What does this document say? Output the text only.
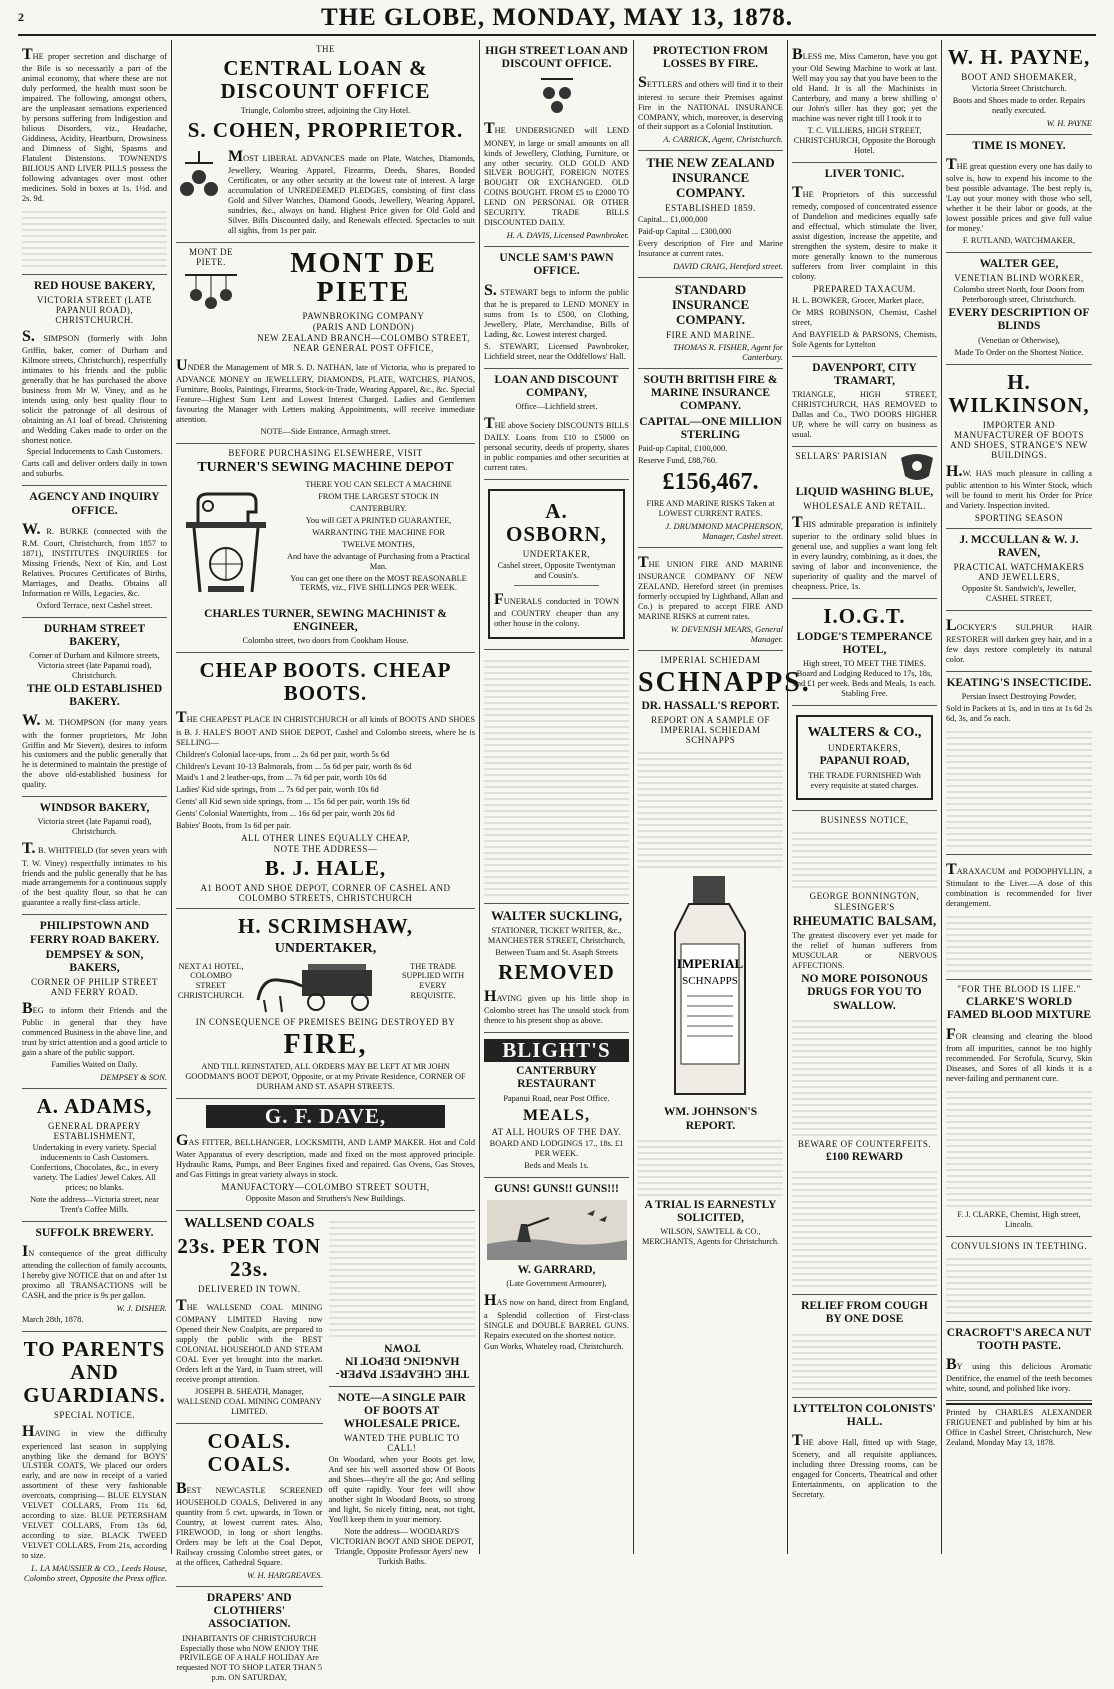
2	THE GLOBE, MONDAY, MAY 13, 1878.
THE proper secretion and discharge of the Bile is so necessarily a part of the animal economy, that where these are not duly performed, the health must soon be impaired. The following, amongst others, are the unpleasant sensations experienced by persons suffering from Indigestion and bilious Disorders, viz., Headache, Giddiness, Acidity, Heartburn, Drowsiness and Dimness of Sight, Spasms and Flatulent Distensions. TOWNEND'S BILIOUS AND LIVER PILLS possess the following advantages over most other medicines. Sold in boxes at 1s. 1½d. and 2s. 9d.
RED HOUSE BAKERY,
VICTORIA STREET (LATE PAPANUI ROAD), CHRISTCHURCH.
S. SIMPSON (formerly with John Griffin, baker, corner of Durham and Kilmore streets, Christchurch), respectfully intimates to his friends and the public generally that he has purchased the above business from Mr W. Viney, and as he intends using only best quality flour to solicit the patronage of all desirous of obtaining an A1 loaf of bread. Christening and Wedding Cakes made to order on the shortest notice.
Special Inducements to Cash Customers.
Carts call and deliver orders daily in town and suburbs.
AGENCY AND INQUIRY OFFICE.
W. R. BURKE (connected with the R.M. Court, Christchurch, from 1857 to 1871), INSTITUTES INQUIRIES for Missing Friends, Next of Kin, and Lost Relatives. Procures Certificates of Births, Marriages, and Deaths. Obtains all Information re Wills, Legacies, &c.
Oxford Terrace, next Cashel street.
DURHAM STREET BAKERY,
Corner of Durham and Kilmore streets, Victoria street (late Papanui road), Christchurch.
THE OLD ESTABLISHED BAKERY.
W. M. THOMPSON (for many years with the former proprietors, Mr John Griffin and Mr Sievert), desires to inform his customers and the public generally that he is determined to maintain the prestige of the above old-established business for quality.
WINDSOR BAKERY,
Victoria street (late Papanui road), Christchurch.
T. B. WHITFIELD (for seven years with T. W. Viney) respectfully intimates to his friends and the public generally that he has made arrangements for a continuous supply of the best quality flour, so that he can guarantee a really first-class article.
PHILIPSTOWN AND FERRY ROAD BAKERY.
DEMPSEY & SON, BAKERS,
CORNER OF PHILIP STREET AND FERRY ROAD.
BEG to inform their Friends and the Public in general that they have commenced Business in the above line, and trust by strict attention and a good article to gain a share of the public support.
Families Waited on Daily.
DEMPSEY & SON.
A. ADAMS,
GENERAL DRAPERY ESTABLISHMENT,
Undertaking in every variety. Special inducements to Cash Customers. Confections, Chocolates, &c., in every variety. The Ladies' Jewel Cakes. All prices; no blanks.
Note the address—Victoria street, near Trent's Coffee Mills.
SUFFOLK BREWERY.
IN consequence of the great difficulty attending the collection of family accounts, I hereby give NOTICE that on and after 1st proximo all TRANSACTIONS will be CASH, and the price is 9s per gallon.
W. J. DISHER.
March 28th, 1878.
TO PARENTS AND GUARDIANS.
SPECIAL NOTICE.
HAVING in view the difficulty experienced last season in supplying anything like the demand for BOYS' ULSTER COATS, We placed our orders early, and are now in receipt of a varied assortment of these very fashionable overcoats, comprising— BLUE ELYSIAN VELVET COLLARS, From 11s 6d, according to size. BLUE PETERSHAM VELVET COLLARS, From 13s 6d, according to size. BLACK TWEED VELVET COLLARS, From 21s, according to size.
L. LA MAUSSIER & CO., Leeds House, Colombo street, Opposite the Press office.
THE
CENTRAL LOAN & DISCOUNT OFFICE
Triangle, Colombo street, adjoining the City Hotel.
S. COHEN, PROPRIETOR.
MOST LIBERAL ADVANCES made on Plate, Watches, Diamonds, Jewellery, Wearing Apparel, Firearms, Deeds, Shares, Bonded Certificates, or any other security at the lowest rate of interest. A large accumulation of UNREDEEMED PLEDGES, consisting of first class Gold and Silver Watches, Diamond Goods, Jewellery, Wearing Apparel, sundries, &c., always on hand. Highest Price given for Old Gold and Silver. Bills Discounted daily, and Renewals effected. Spectacles to suit all sights, from 1s per pair.
MONT DE PIETE.	MONT DE PIETE
PAWNBROKING COMPANY
(PARIS AND LONDON)
NEW ZEALAND BRANCH—COLOMBO STREET, NEAR GENERAL POST OFFICE,
UNDER the Management of MR S. D. NATHAN, late of Victoria, who is prepared to ADVANCE MONEY on JEWELLERY, DIAMONDS, PLATE, WATCHES, PIANOS, Furniture, Books, Paintings, Firearms, Stock-in-Trade, Wearing Apparel, &c., &c. Special Feature—Highest Sum Lent and Lowest Interest Charged. Ladies and Gentlemen favouring the Manager with Letters making Appointments, will receive immediate attention.
NOTE—Side Entrance, Armagh street.
BEFORE PURCHASING ELSEWHERE, VISIT
TURNER'S SEWING MACHINE DEPOT
THERE YOU CAN SELECT A MACHINE
FROM THE LARGEST STOCK IN
CANTERBURY.
You will GET A PRINTED GUARANTEE,
WARRANTING THE MACHINE FOR
TWELVE MONTHS,
And have the advantage of Purchasing from a Practical Man.
You can get one there on the MOST REASONABLE TERMS, viz., FIVE SHILLINGS PER WEEK.
CHARLES TURNER, SEWING MACHINIST & ENGINEER,
Colombo street, two doors from Cookham House.
CHEAP BOOTS. CHEAP BOOTS.
THE CHEAPEST PLACE IN CHRISTCHURCH or all kinds of BOOTS AND SHOES is B. J. HALE'S BOOT AND SHOE DEPOT, Cashel and Colombo streets, where he is SELLING—
Children's Colonial lace-ups, from ... 2s 6d per pair, worth 5s 6d
Children's Levant 10-13 Balmorals, from ... 5s 6d per pair, worth 8s 6d
Maid's 1 and 2 leather-ups, from ... 7s 6d per pair, worth 10s 6d
Ladies' Kid side springs, from ... 7s 6d per pair, worth 10s 6d
Gents' all Kid sewn side springs, from ... 15s 6d per pair, worth 19s 6d
Gents' Colonial Watertights, from ... 16s 6d per pair, worth 20s 6d
Babies' Boots, from 1s 6d per pair.
ALL OTHER LINES EQUALLY CHEAP,
NOTE THE ADDRESS—
B. J. HALE,
A1 BOOT AND SHOE DEPOT, CORNER OF CASHEL AND COLOMBO STREETS, CHRISTCHURCH
H. SCRIMSHAW,
UNDERTAKER,
NEXT A1 HOTEL, COLOMBO STREET CHRISTCHURCH.
THE TRADE SUPPLIED WITH EVERY REQUISITE.
IN CONSEQUENCE OF PREMISES BEING DESTROYED BY
FIRE,
AND TILL REINSTATED, ALL ORDERS MAY BE LEFT AT MR JOHN GOODMAN'S BOOT DEPOT, Opposite, or at my Private Residence, CORNER OF DURHAM AND ST. ASAPH STREETS.
G. F. DAVE,
GAS FITTER, BELLHANGER, LOCKSMITH, AND LAMP MAKER. Hot and Cold Water Apparatus of every description, made and fixed on the most approved principle. Hydraulic Rams, Pumps, and Beer Engines fixed and repaired. Gas Ovens, Gas Stoves, and Gas Fittings in great variety always in stock.
MANUFACTORY—COLOMBO STREET SOUTH,
Opposite Mason and Struthers's New Buildings.
WALLSEND COALS
23s. PER TON 23s.
DELIVERED IN TOWN.
THE WALLSEND COAL MINING COMPANY LIMITED Having now Opened their New Coalpits, are prepared to supply the public with the BEST COLONIAL HOUSEHOLD AND STEAM COAL Ever yet brought into the market. Orders left at the Yard, in Tuam street, will receive prompt attention.
JOSEPH B. SHEATH, Manager, WALLSEND COAL MINING COMPANY LIMITED.
COALS. COALS.
BEST NEWCASTLE SCREENED HOUSEHOLD COALS, Delivered in any quantity from 5 cwt. upwards, in Town or Country, at lowest current rates. Also, FIREWOOD, in long or short lengths. Orders may be left at the Coal Depot, Railway crossing Colombo street gates, or at the offices, Cathedral Square.
W. H. HARGREAVES.
DRAPERS' AND CLOTHIERS' ASSOCIATION.
INHABITANTS OF CHRISTCHURCH Especially those who NOW ENJOY THE PRIVILEGE OF A HALF HOLIDAY Are requested NOT TO SHOP LATER THAN 5 p.m. ON SATURDAY,
THE CHEAPEST PAPER-HANGING DEPOT IN TOWN
NOTE—A SINGLE PAIR OF BOOTS AT WHOLESALE PRICE.
WANTED THE PUBLIC TO CALL!
On Woodard, when your Boots get low, And see his well assorted show Of Boots and Shoes—they're all the go; And selling off quite rapidly. Your feet will show another sight In Woodard Boots, so strong and light, So nicely fitting, neat, not tight, You'll keep them in your memory.
Note the address— WOODARD'S VICTORIAN BOOT AND SHOE DEPOT, Triangle, Opposite Professor Ayers' new Turkish Baths.
HIGH STREET LOAN AND DISCOUNT OFFICE.
THE UNDERSIGNED will LEND MONEY, in large or small amounts on all kinds of Jewellery, Clothing, Furniture, or any other security. OLD GOLD AND SILVER BOUGHT, FOREIGN NOTES BOUGHT OR EXCHANGED. OLD COINS BOUGHT. FROM £5 to £2000 TO LEND ON PERSONAL OR OTHER SECURITY. TRADE BILLS DISCOUNTED DAILY.
H. A. DAVIS, Licensed Pawnbroker.
UNCLE SAM'S PAWN OFFICE.
S. STEWART begs to inform the public that he is prepared to LEND MONEY in sums from 1s to £500, on Clothing, Jewellery, Plate, Merchandise, Bills of Lading, &c. Lowest interest charged.
S. STEWART, Licensed Pawnbroker, Lichfield street, near the Oddfellows' Hall.
LOAN AND DISCOUNT COMPANY,
Office—Lichfield street.
THE above Society DISCOUNTS BILLS DAILY. Loans from £10 to £5000 on personal security, deeds of property, shares in public companies and other securities at current rates.
A. OSBORN,
UNDERTAKER,
Cashel street, Opposite Twentyman and Cousin's.
FUNERALS conducted in TOWN and COUNTRY cheaper than any other house in the colony.
WALTER SUCKLING,
STATIONER, TICKET WRITER, &c., MANCHESTER STREET, Christchurch,
Between Tuam and St. Asaph Streets
REMOVED
HAVING given up his little shop in Colombo street has The unsold stock from thence to his present shop as above.
BLIGHT'S
CANTERBURY RESTAURANT
Papanui Road, near Post Office.
MEALS,
AT ALL HOURS OF THE DAY.
BOARD AND LODGINGS 17., 18s. £1 PER WEEK.
Beds and Meals 1s.
GUNS! GUNS!! GUNS!!!
W. GARRARD,
(Late Government Armourer),
HAS now on hand, direct from England, a Splendid collection of First-class SINGLE and DOUBLE BARREL GUNS. Repairs executed on the shortest notice.
Gun Works, Whateley road, Christchurch.
PROTECTION FROM LOSSES BY FIRE.
SETTLERS and others will find it to their interest to secure their Premises against Fire in the NATIONAL INSURANCE COMPANY, which, moreover, is deserving of their support as a Colonial Institution.
A. CARRICK, Agent, Christchurch.
THE NEW ZEALAND INSURANCE COMPANY.
ESTABLISHED 1859.
Capital... £1,000,000
Paid-up Capital ... £300,000
Every description of Fire and Marine Insurance at current rates.
DAVID CRAIG, Hereford street.
STANDARD INSURANCE COMPANY.
FIRE AND MARINE.
THOMAS R. FISHER, Agent for Canterbury.
SOUTH BRITISH FIRE & MARINE INSURANCE COMPANY.
CAPITAL—ONE MILLION STERLING
Paid-up Capital, £100,000.
Reserve Fund, £88,760.
£156,467.
FIRE AND MARINE RISKS Taken at LOWEST CURRENT RATES.
J. DRUMMOND MACPHERSON, Manager, Cashel street.
THE UNION FIRE AND MARINE INSURANCE COMPANY OF NEW ZEALAND, Hereford street (in premises formerly occupied by Lightband, Allan and Co.) is prepared to accept FIRE AND MARINE RISKS at current rates.
W. DEVENISH MEARS, General Manager.
IMPERIAL SCHIEDAM
SCHNAPPS.
DR. HASSALL'S REPORT.
REPORT ON A SAMPLE OF IMPERIAL SCHIEDAM SCHNAPPS
IMPERIAL
SCHNAPPS
WM. JOHNSON'S REPORT.
A TRIAL IS EARNESTLY SOLICITED,
WILSON, SAWTELL & CO., MERCHANTS, Agents for Christchurch.
BLESS me, Miss Cameron, have you got your Old Sewing Machine to work at last. Well may you say that you have been to the old Hand. It is all the Machinists in Canterbury, and many a brew shilling o' our John's siller has they got; yet the machine was never right till I took it to
T. C. VILLIERS, HIGH STREET, CHRISTCHURCH, Opposite the Borough Hotel.
LIVER TONIC.
THE Proprietors of this successful remedy, composed of concentrated essence of Dandelion and medicines equally safe and effectual, which stimulate the liver, assist digestion, increase the appetite, and strengthen the system, desire to make it more generally known to the numerous sufferers from liver complaint in this colony.
PREPARED TAXACUM.
H. L. BOWKER, Grocer, Market place,
Or MRS ROBINSON, Chemist, Cashel street,
And BAYFIELD & PARSONS, Chemists, Sole Agents for Lyttelton
DAVENPORT, CITY TRAMART,
TRIANGLE, HIGH STREET, CHRISTCHURCH, HAS REMOVED to Dallas and Co., TWO DOORS HIGHER UP, where he will carry on business as usual.
SELLARS' PARISIAN
LIQUID WASHING BLUE,
WHOLESALE AND RETAIL.
THIS admirable preparation is infinitely superior to the ordinary solid blues in general use, and supplies a want long felt in every laundry, combining, as it does, the saving of labor and inconvenience, the superiority of quality and the marvel of cheapness. Price, 1s.
I.O.G.T.
LODGE'S TEMPERANCE HOTEL,
High street, TO MEET THE TIMES. Board and Lodging Reduced to 17s, 18s, and £1 per week. Beds and Meals, 1s each. Stabling Free.
WALTERS & CO.,
UNDERTAKERS,
PAPANUI ROAD,
THE TRADE FURNISHED With every requisite at stated charges.
BUSINESS NOTICE,
GEORGE BONNINGTON,
SLESINGER'S
RHEUMATIC BALSAM,
The greatest discovery ever yet made for the relief of human sufferers from MUSCULAR or NERVOUS AFFECTIONS.
NO MORE POISONOUS DRUGS FOR YOU TO SWALLOW.
BEWARE OF COUNTERFEITS.
£100 REWARD
RELIEF FROM COUGH BY ONE DOSE
LYTTELTON COLONISTS' HALL.
THE above Hall, fitted up with Stage, Scenery, and all requisite appliances, including three Dressing rooms, can be engaged for Concerts, Theatrical and other Entertainments, on application to the Secretary.
W. H. PAYNE,
BOOT AND SHOEMAKER,
Victoria Street Christchurch.
Boots and Shoes made to order. Repairs neatly executed.
W. H. PAYNE
TIME IS MONEY.
THE great question every one has daily to solve is, how to expend his income to the best possible advantage. The best reply is, 'Lay out your money with those who sell, whether it be their labor or goods, at the lowest possible prices and give full value for money.'
F. RUTLAND, WATCHMAKER,
WALTER GEE,
VENETIAN BLIND WORKER,
Colombo street North, four Doors from Peterborough street, Christchurch.
EVERY DESCRIPTION OF BLINDS
(Venetian or Otherwise),
Made To Order on the Shortest Notice.
H. WILKINSON,
IMPORTER AND MANUFACTURER OF BOOTS AND SHOES, STRANGE'S NEW BUILDINGS.
H.W. HAS much pleasure in calling a public attention to his Winter Stock, which will be found to merit his Order for Price and Variety. Inspection invited.
SPORTING SEASON
J. MCCULLAN & W. J. RAVEN,
PRACTICAL WATCHMAKERS AND JEWELLERS,
Opposite St. Sandwich's, Jeweller, CASHEL STREET,
LOCKYER'S SULPHUR HAIR RESTORER will darken grey hair, and in a few days restore completely its natural color.
KEATING'S INSECTICIDE.
Persian Insect Destroying Powder,
Sold in Packets at 1s, and in tins at 1s 6d 2s 6d, 3s, and 5s each.
TARAXACUM and PODOPHYLLIN, a Stimulant to the Liver.—A dose of this combination is recommended for liver derangement.
"FOR THE BLOOD IS LIFE."
CLARKE'S WORLD FAMED BLOOD MIXTURE
FOR cleansing and clearing the blood from all impurities, cannot be too highly recommended. For Scrofula, Scurvy, Skin Diseases, and Sores of all kinds it is a never-failing and permanent cure.
F. J. CLARKE, Chemist, High street, Lincoln.
CONVULSIONS IN TEETHING.
CRACROFT'S ARECA NUT TOOTH PASTE.
BY using this delicious Aromatic Dentifrice, the enamel of the teeth becomes white, sound, and polished like ivory.
Printed by CHARLES ALEXANDER FRIGUENET and published by him at his Office in Cashel Street, Christchurch, New Zealand, Monday May 13, 1878.
